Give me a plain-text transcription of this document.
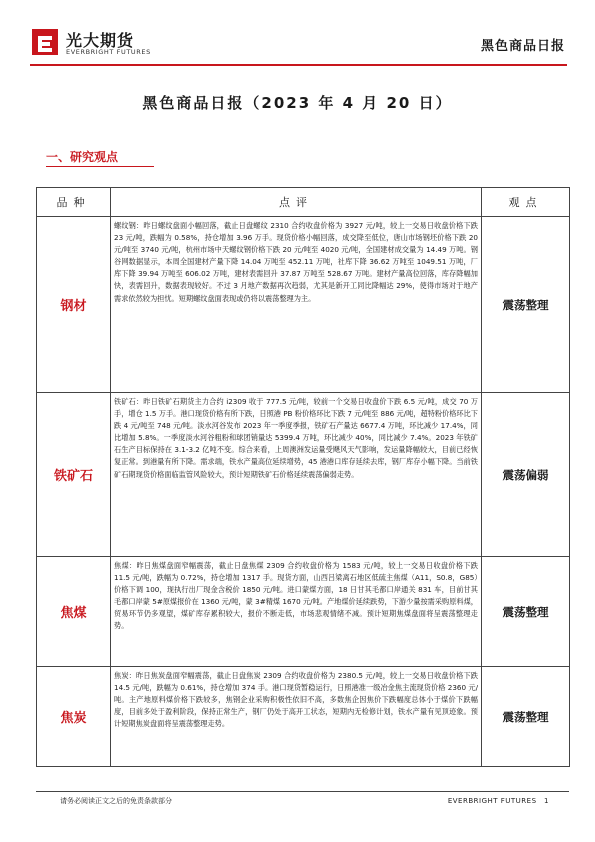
光大期货
EVERBRIGHT FUTURES	黑色商品日报
黑色商品日报（2023 年 4 月 20 日）
一、研究观点
品种	点评	观点
钢材	螺纹钢：昨日螺纹盘面小幅回落，截止日盘螺纹 2310 合约收盘价格为 3927 元/吨，较上一交易日收盘价格下跌 23 元/吨，跌幅为 0.58%，持仓增加 3.96 万手。现货价格小幅回落，成交降至低位，唐山市场钢坯价格下跌 20 元/吨至 3740 元/吨，杭州市场中天螺纹钢价格下跌 20 元/吨至 4020 元/吨，全国建材成交量为 14.49 万吨。钢谷网数据显示，本周全国建材产量下降 14.04 万吨至 452.11 万吨，社库下降 36.62 万吨至 1049.51 万吨，厂库下降 39.94 万吨至 606.02 万吨，建材表需回升 37.87 万吨至 528.67 万吨。建材产量高位回落，库存降幅加快，表需回升，数据表现较好。不过 3 月地产数据再次趋弱，尤其是新开工同比降幅达 29%，使得市场对于地产需求依然较为担忧。短期螺纹盘面表现或仍将以震荡整理为主。	震荡整理
铁矿石	铁矿石：昨日铁矿石期货主力合约 i2309 收于 777.5 元/吨，较前一个交易日收盘价下跌 6.5 元/吨，成交 70 万手，增仓 1.5 万手。港口现货价格有所下跌，日照港 PB 粉价格环比下跌 7 元/吨至 886 元/吨，超特粉价格环比下跌 4 元/吨至 748 元/吨。淡水河谷发布 2023 年一季度季报，铁矿石产量达 6677.4 万吨，环比减少 17.4%，同比增加 5.8%。一季度淡水河谷粗粉和球团销量达 5399.4 万吨，环比减少 40%，同比减少 7.4%。2023 年铁矿石生产目标保持在 3.1-3.2 亿吨不变。综合来看，上周澳洲发运量受飓风天气影响，发运量降幅较大，目前已经恢复正常。到港量有所下降。需求端，铁水产量高位延续增势，45 港港口库存延续去库，钢厂库存小幅下降。当前铁矿石期现货价格面临监管风险较大，预计短期铁矿石价格延续震荡偏弱走势。	震荡偏弱
焦煤	焦煤：昨日焦煤盘面窄幅震荡，截止日盘焦煤 2309 合约收盘价格为 1583 元/吨，较上一交易日收盘价格下跌 11.5 元/吨，跌幅为 0.72%，持仓增加 1317 手。现货方面，山西吕梁离石地区低硫主焦煤（A11，S0.8，G85）价格下调 100，现执行出厂现金含税价 1850 元/吨。进口蒙煤方面，18 日甘其毛都口岸通关 831 车，目前甘其毛都口岸蒙 5#原煤报价在 1360 元/吨，蒙 3#精煤 1670 元/吨。产地煤价延续跌势，下游少量按需采购原料煤，贸易环节仍多观望，煤矿库存累积较大，报价不断走低，市场悲观情绪不减。预计短期焦煤盘面将呈震荡整理走势。	震荡整理
焦炭	焦炭：昨日焦炭盘面窄幅震荡，截止日盘焦炭 2309 合约收盘价格为 2380.5 元/吨，较上一交易日收盘价格下跌 14.5 元/吨，跌幅为 0.61%，持仓增加 374 手。港口现货暂稳运行，日照港准一级冶金焦主流现货价格 2360 元/吨。主产地原料煤价格下跌较多，焦钢企业采购积极性依旧不高，多数焦企因焦价下跌幅度总体小于煤价下跌幅度，目前多处于盈利阶段，保持正常生产，钢厂仍处于高开工状态，短期内无检修计划，铁水产量有见顶迹象。预计短期焦炭盘面将呈震荡整理走势。	震荡整理
请务必阅读正文之后的免责条款部分	EVERBRIGHT FUTURES　1
